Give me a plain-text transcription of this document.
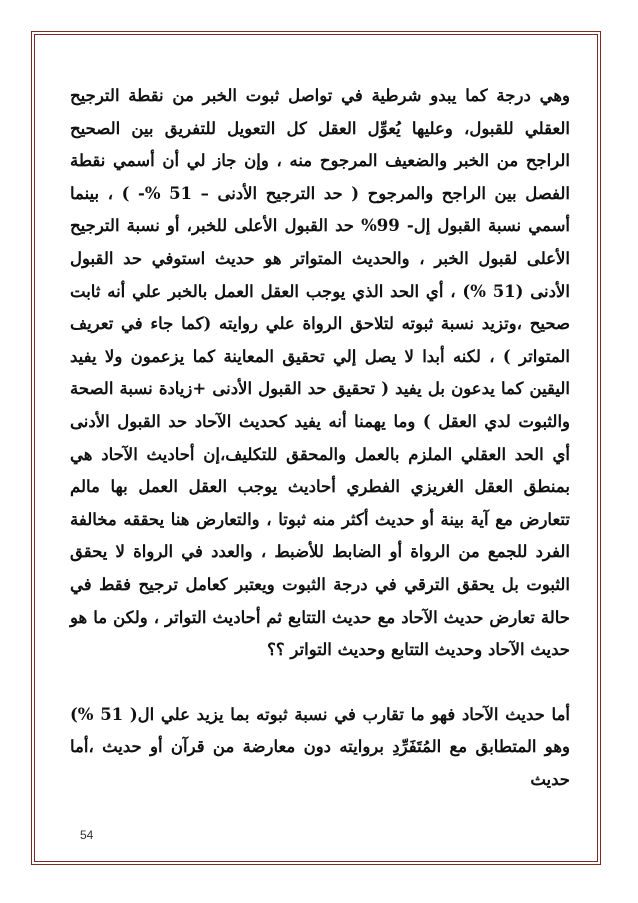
وهي درجة كما يبدو شرطية في تواصل ثبوت الخبر من نقطة الترجيح العقلي للقبول، وعليها يُعوِّل العقل كل التعويل للتفريق بين الصحيح الراجح من الخبر والضعيف المرجوح منه ، وإن جاز لي أن أسمي نقطة الفصل بين الراجح والمرجوح ( حد الترجيح الأدنى – 51 %- ) ، بينما أسمي نسبة القبول إل- 99% حد القبول الأعلى للخبر، أو نسبة الترجيح الأعلى لقبول الخبر ، والحديث المتواتر هو حديث استوفي حد القبول الأدنى (51 %) ، أي الحد الذي يوجب العقل العمل بالخبر علي أنه ثابت صحيح ،وتزيد نسبة ثبوته لتلاحق الرواة علي روايته (كما جاء في تعريف المتواتر ) ، لكنه أبدا لا يصل إلي تحقيق المعاينة كما يزعمون ولا يفيد اليقين كما يدعون بل يفيد ( تحقيق حد القبول الأدنى +زيادة نسبة الصحة والثبوت لدي العقل ) وما يهمنا أنه يفيد كحديث الآحاد حد القبول الأدنى أي الحد العقلي الملزم بالعمل والمحقق للتكليف،إن أحاديث الآحاد هي بمنطق العقل الغريزي الفطري أحاديث يوجب العقل العمل بها مالم تتعارض مع آية بينة أو حديث أكثر منه ثبوتا ، والتعارض هنا يحققه مخالفة الفرد للجمع من الرواة أو الضابط للأضبط ، والعدد في الرواة لا يحقق الثبوت بل يحقق الترقي في درجة الثبوت ويعتبر كعامل ترجيح فقط في حالة تعارض حديث الآحاد مع حديث التتابع ثم أحاديث التواتر ، ولكن ما هو حديث الآحاد وحديث التتابع وحديث التواتر ؟؟

أما حديث الآحاد فهو ما تقارب في نسبة ثبوته بما يزيد علي ال( 51 %) وهو المتطابق مع المُتَفَرِّدِ بروايته دون معارضة من قرآن أو حديث ،أما حديث

54
